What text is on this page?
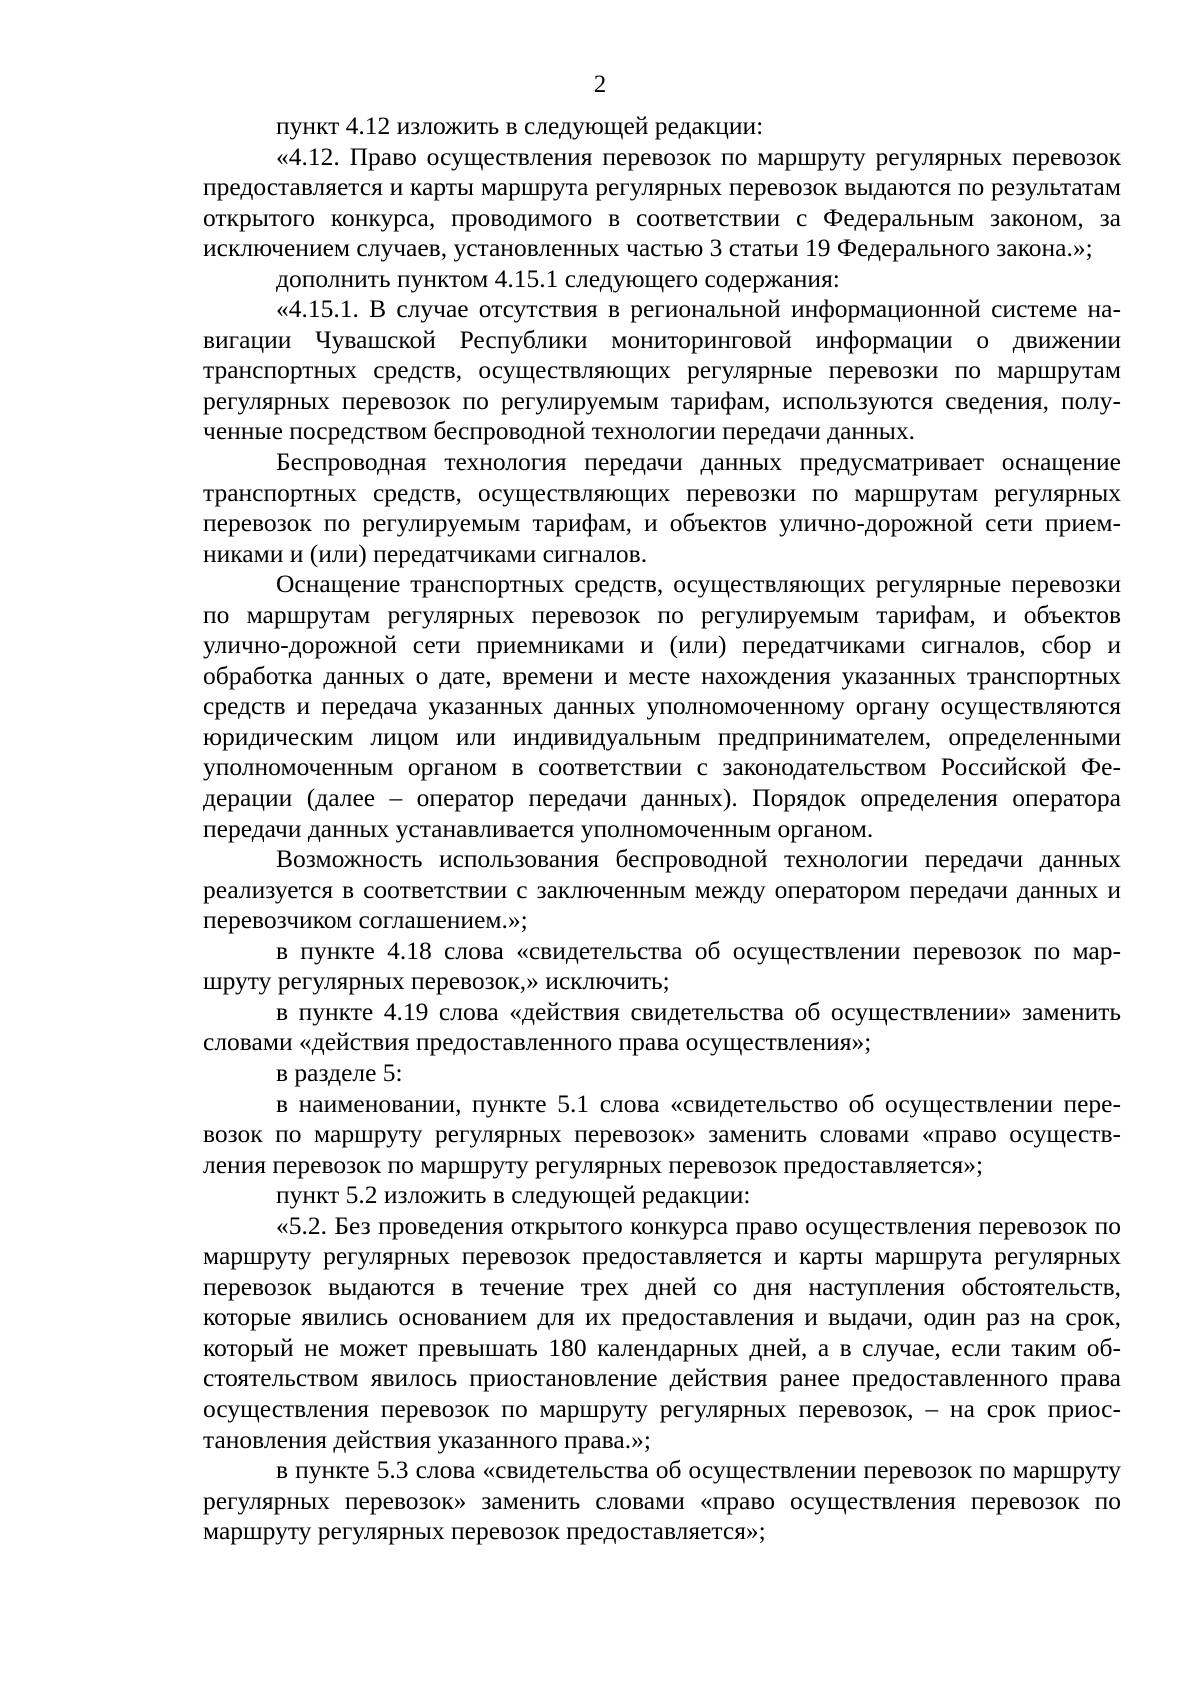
2

пункт 4.12 изложить в следующей редакции:

«4.12. Право осуществления перевозок по маршруту регулярных перевозок предоставляется и карты маршрута регулярных перевозок выдаются по результатам открытого конкурса, проводимого в соответствии с Федеральным законом, за исключением случаев, установленных частью 3 статьи 19 Федерального закона.»;

дополнить пунктом 4.15.1 следующего содержания:

«4.15.1. В случае отсутствия в региональной информационной системе навигации Чувашской Республики мониторинговой информации о движении транспортных средств, осуществляющих регулярные перевозки по маршрутам регулярных перевозок по регулируемым тарифам, используются сведения, полученные посредством беспроводной технологии передачи данных.

Беспроводная технология передачи данных предусматривает оснащение транспортных средств, осуществляющих перевозки по маршрутам регулярных перевозок по регулируемым тарифам, и объектов улично-дорожной сети приемниками и (или) передатчиками сигналов.

Оснащение транспортных средств, осуществляющих регулярные перевозки по маршрутам регулярных перевозок по регулируемым тарифам, и объектов улично-дорожной сети приемниками и (или) передатчиками сигналов, сбор и обработка данных о дате, времени и месте нахождения указанных транспортных средств и передача указанных данных уполномоченному органу осуществляются юридическим лицом или индивидуальным предпринимателем, определенными уполномоченным органом в соответствии с законодательством Российской Федерации (далее – оператор передачи данных). Порядок определения оператора передачи данных устанавливается уполномоченным органом.

Возможность использования беспроводной технологии передачи данных реализуется в соответствии с заключенным между оператором передачи данных и перевозчиком соглашением.»;

в пункте 4.18 слова «свидетельства об осуществлении перевозок по маршруту регулярных перевозок,» исключить;

в пункте 4.19 слова «действия свидетельства об осуществлении» заменить словами «действия предоставленного права осуществления»;

в разделе 5:

в наименовании, пункте 5.1 слова «свидетельство об осуществлении перевозок по маршруту регулярных перевозок» заменить словами «право осуществления перевозок по маршруту регулярных перевозок предоставляется»;

пункт 5.2 изложить в следующей редакции:

«5.2. Без проведения открытого конкурса право осуществления перевозок по маршруту регулярных перевозок предоставляется и карты маршрута регулярных перевозок выдаются в течение трех дней со дня наступления обстоятельств, которые явились основанием для их предоставления и выдачи, один раз на срок, который не может превышать 180 календарных дней, а в случае, если таким обстоятельством явилось приостановление действия ранее предоставленного права осуществления перевозок по маршруту регулярных перевозок, – на срок приостановления действия указанного права.»;

в пункте 5.3 слова «свидетельства об осуществлении перевозок по маршруту регулярных перевозок» заменить словами «право осуществления перевозок по маршруту регулярных перевозок предоставляется»;
